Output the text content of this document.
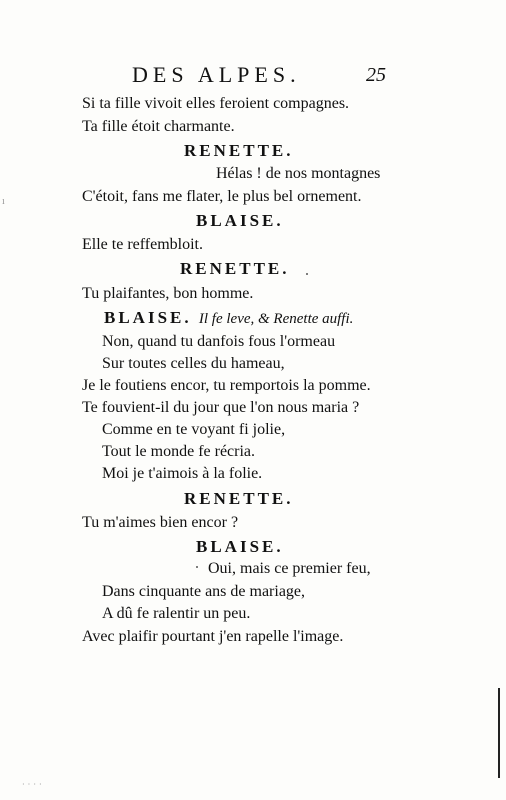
DES ALPES.	25
Si ta fille vivoit elles feroient compagnes.
Ta fille étoit charmante.
RENETTE.
Hélas ! de nos montagnes
C'étoit, fans me flater, le plus bel ornement.
BLAISE.
Elle te reffembloit.
RENETTE.
Tu plaifantes, bon homme.
BLAISE. Il fe leve, & Renette auffi.
Non, quand tu danfois fous l'ormeau
Sur toutes celles du hameau,
Je le foutiens encor, tu remportois la pomme.
Te fouvient-il du jour que l'on nous maria ?
Comme en te voyant fi jolie,
Tout le monde fe récria.
Moi je t'aimois à la folie.
RENETTE.
Tu m'aimes bien encor ?
BLAISE.
Oui, mais ce premier feu,
Dans cinquante ans de mariage,
A dû fe ralentir un peu.
Avec plaifir pourtant j'en rapelle l'image.
ı
····
